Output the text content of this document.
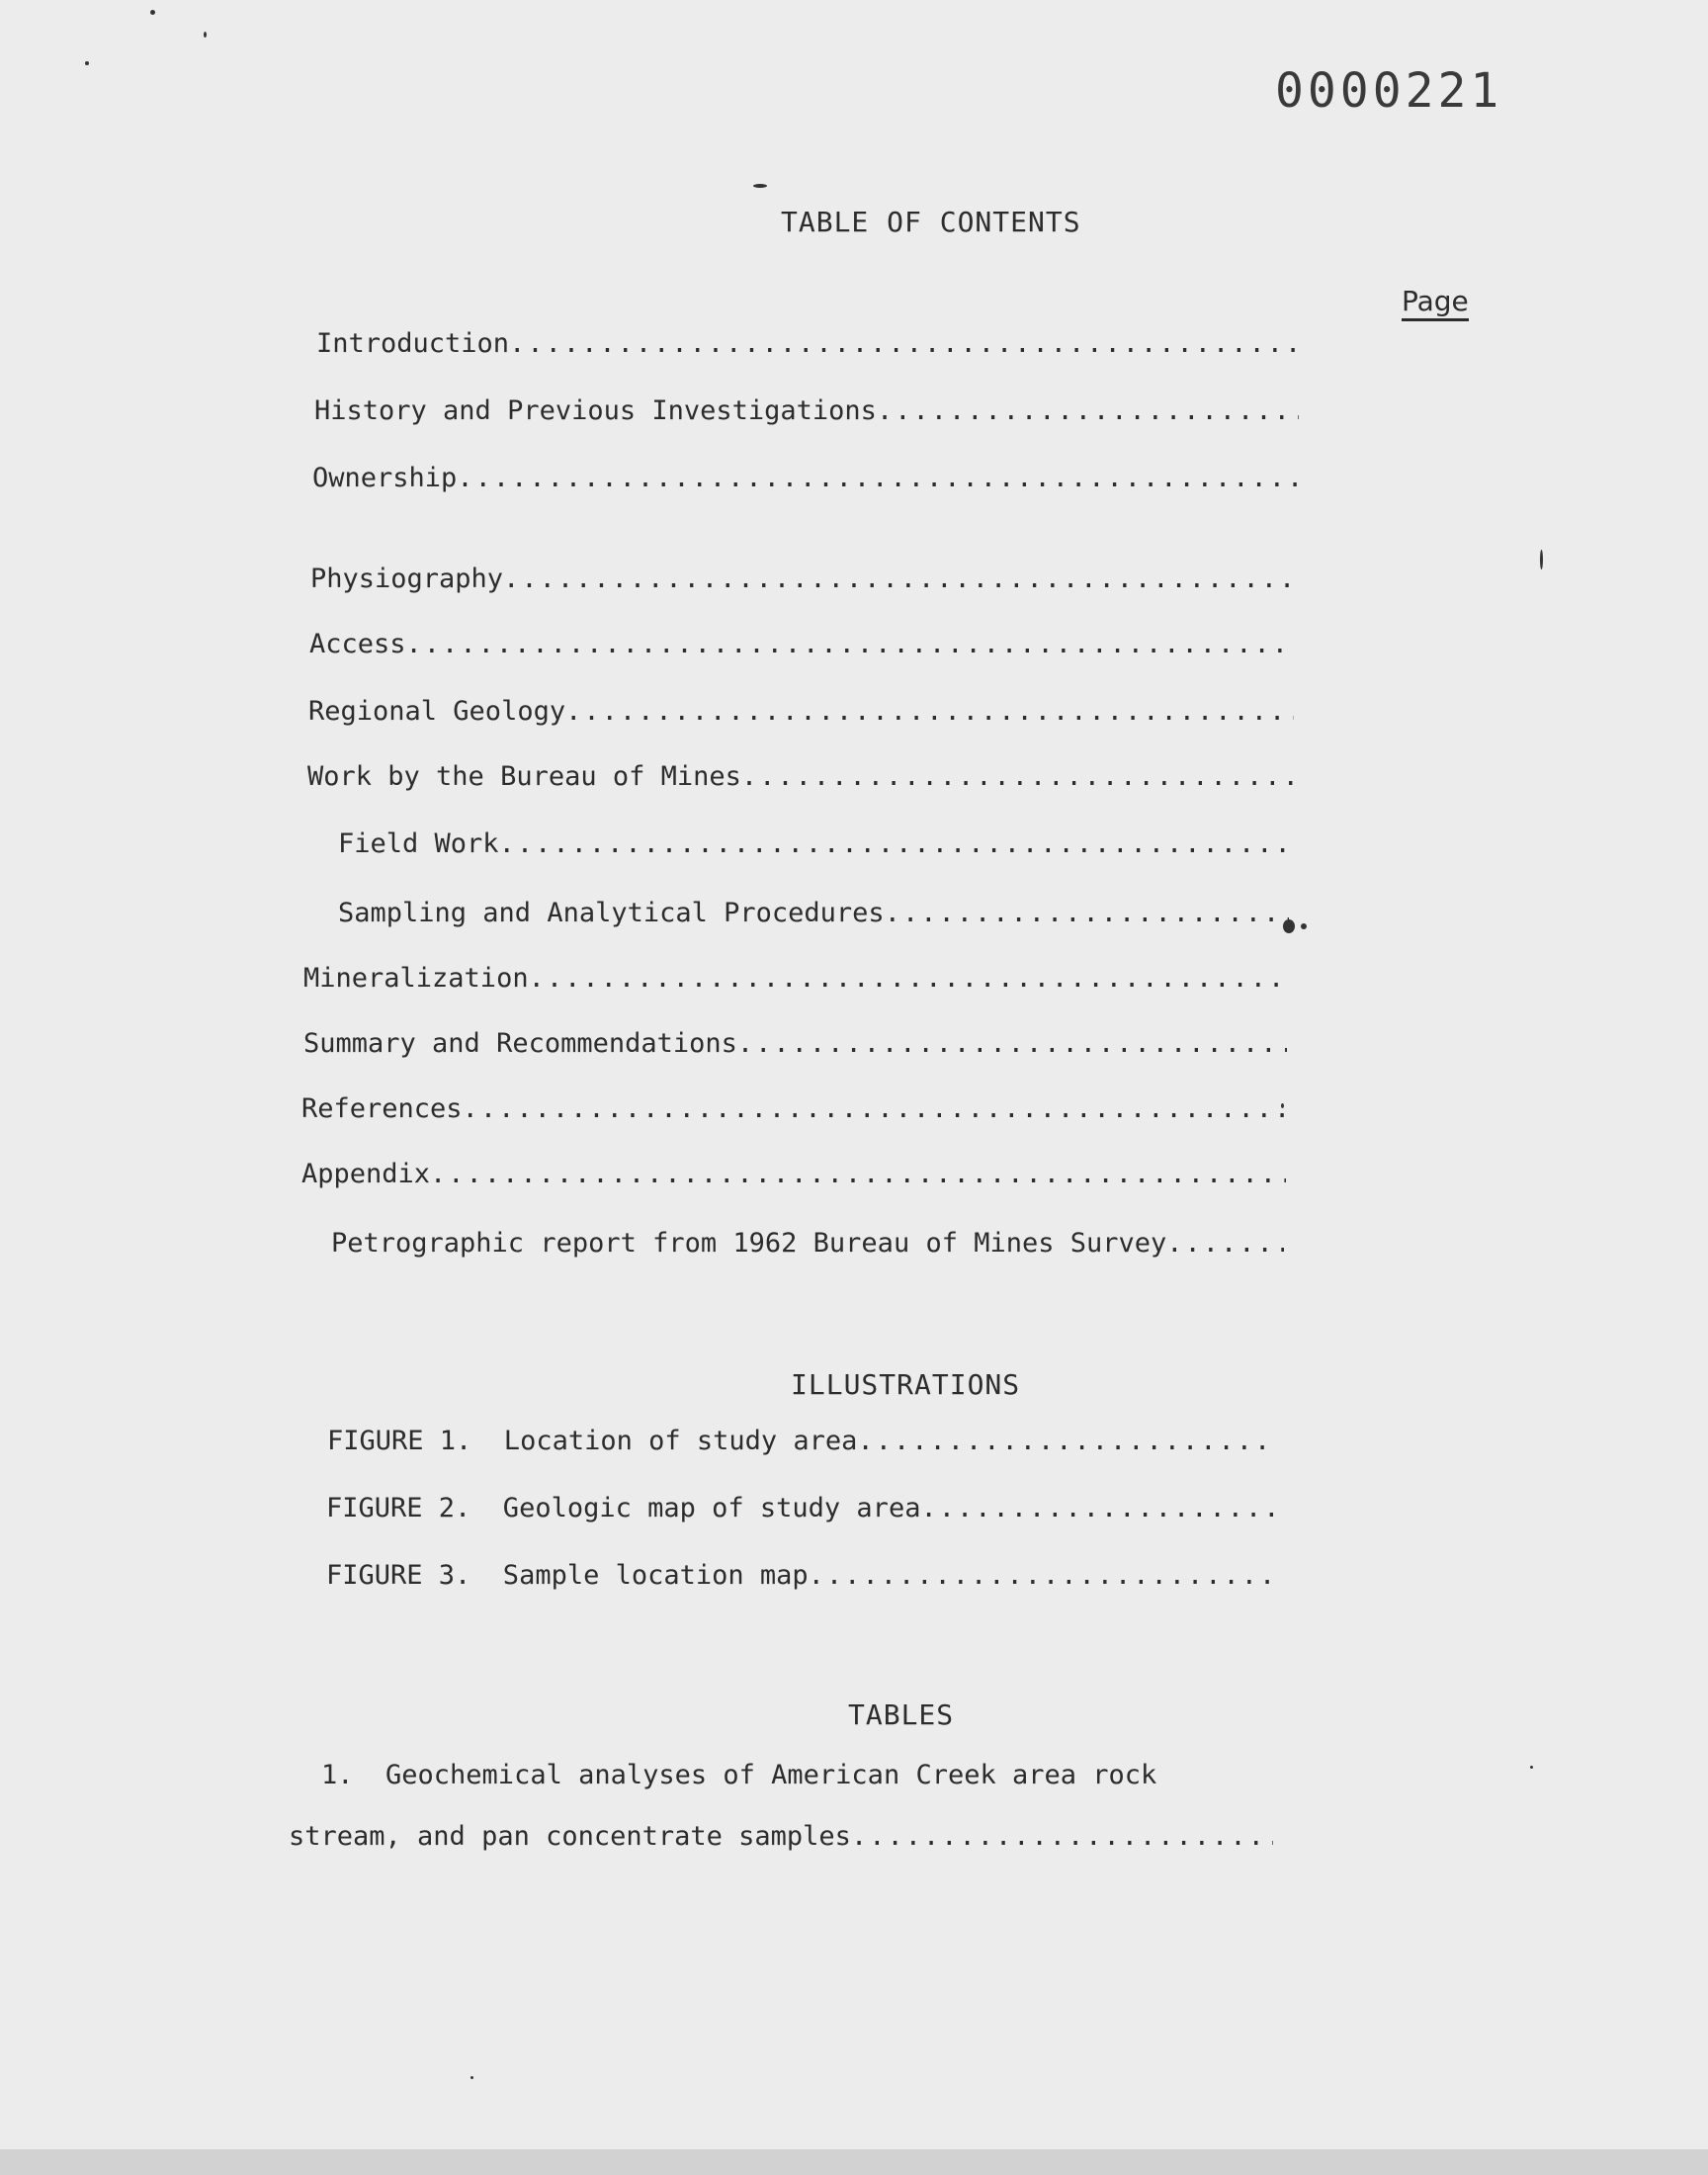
0000221
TABLE OF CONTENTS
Page
Introduction
.....
History and Previous Investigations
.....
Ownership
.....
Physiography
.....
Access
.....
Regional Geology
.....
Work by the Bureau of Mines
.....
Field Work
.....
Sampling and Analytical Procedures
.....
Mineralization
.....
Summary and Recommendations
.....
References
.....
Appendix
.....
Petrographic report from 1962 Bureau of Mines Survey
.....
ILLUSTRATIONS
FIGURE 1.  Location of study area
.....
FIGURE 2.  Geologic map of study area
.....
FIGURE 3.  Sample location map
.....
TABLES
1.  Geochemical analyses of American Creek area rock
stream, and pan concentrate samples
.....
